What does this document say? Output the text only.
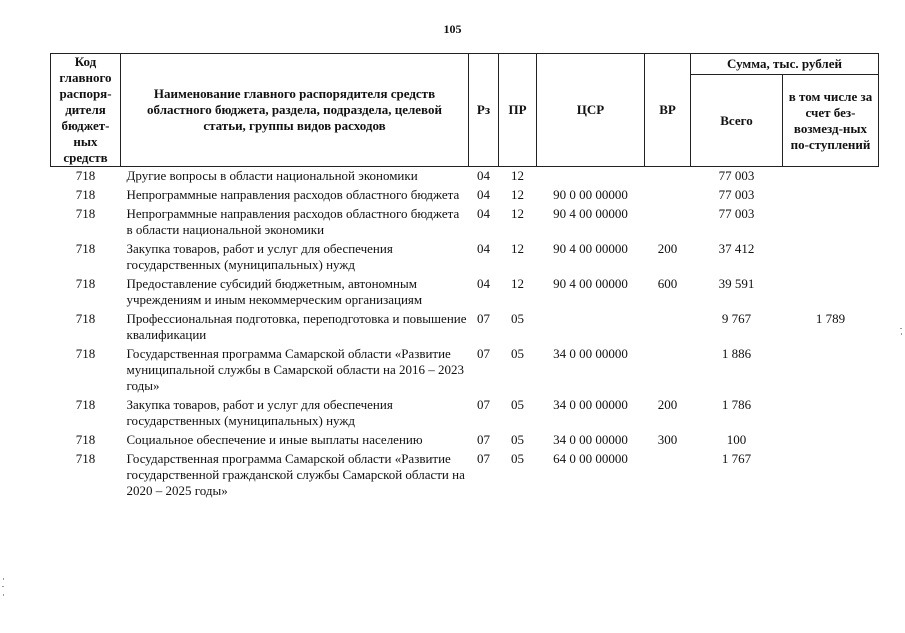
105
Код главного распоря-дителя бюджет-ных средств	Наименование главного распорядителя средств областного бюджета, раздела, подраздела, целевой статьи, группы видов расходов	Рз	ПР	ЦСР	ВР	Сумма, тыс. рублей	
						Всего	в том числе за счет без-возмезд-ных по-ступлений
718	Другие вопросы в области национальной экономики	04	12			77 003	
718	Непрограммные направления расходов областного бюджета	04	12	90 0 00 00000		77 003	
718	Непрограммные направления расходов областного бюджета в области национальной экономики	04	12	90 4 00 00000		77 003	
718	Закупка товаров, работ и услуг для обеспечения государственных (муниципальных) нужд	04	12	90 4 00 00000	200	37 412	
718	Предоставление субсидий бюджетным, автономным учреждениям и иным некоммерческим организациям	04	12	90 4 00 00000	600	39 591	
718	Профессиональная подготовка, переподготовка и повышение квалификации	07	05			9 767	1 789
718	Государственная программа Самарской области «Развитие муниципальной службы в Самарской области на 2016 – 2023 годы»	07	05	34 0 00 00000		1 886	
718	Закупка товаров, работ и услуг для обеспечения государственных (муниципальных) нужд	07	05	34 0 00 00000	200	1 786	
718	Социальное обеспечение и иные выплаты населению	07	05	34 0 00 00000	300	100	
718	Государственная программа Самарской области «Развитие государственной гражданской службы Самарской области на 2020 – 2025 годы»	07	05	64 0 00 00000		1 767	
